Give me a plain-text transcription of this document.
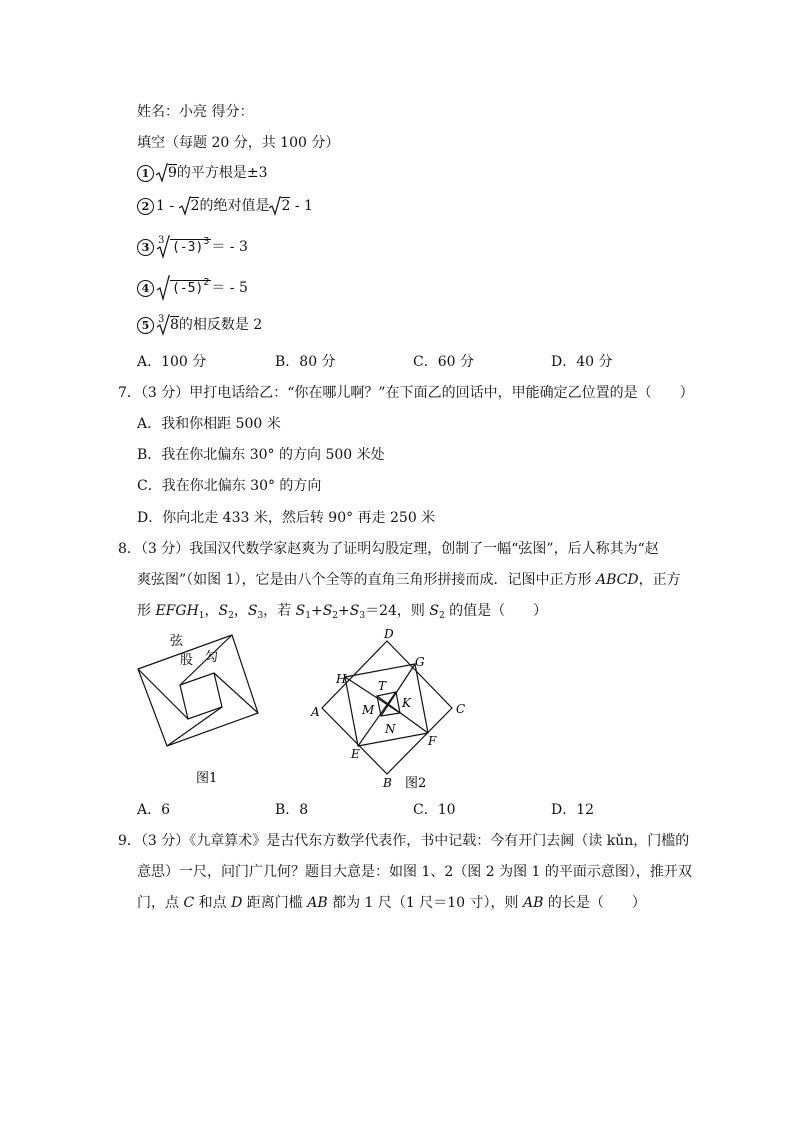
姓名：小亮 得分：
填空（每题 20 分，共 100 分）
1 9的平方根是±3
2 1 - 2的绝对值是 2 - 1
3 3 $(-3)^3$ ＝ - 3
4 $(-5)^2$ ＝ - 5
5 3 8的相反数是 2
A．100 分	B．80 分	C．60 分	D．40 分
7．（3 分）甲打电话给乙：“你在哪儿啊？”在下面乙的回话中，甲能确定乙位置的是（　　）
A．我和你相距 500 米
B．我在你北偏东 30° 的方向 500 米处
C．我在你北偏东 30° 的方向
D．你向北走 433 米，然后转 90° 再走 250 米
8．（3 分）我国汉代数学家赵爽为了证明勾股定理，创制了一幅“弦图”，后人称其为“赵
爽弦图”（如图 1），它是由八个全等的直角三角形拼接而成．记图中正方形 ABCD，正方
形 $EFGH_1$，$S_2$，$S_3$，若 $S_1+S_2+S_3=24$，则 $S_2$ 的值是（　　）
弦
股 勾
图1
D
A	C
B
H
G
F
E
T
K
M
N
图2
A．6	B．8	C．10	D．12
9．（3 分）《九章算术》是古代东方数学代表作，书中记载：今有开门去阃（读 kǔn，门槛的
意思）一尺，问门广几何？题目大意是：如图 1、2（图 2 为图 1 的平面示意图），推开双
门，点 C 和点 D 距离门槛 AB 都为 1 尺（1 尺＝10 寸），则 AB 的长是（　　）
